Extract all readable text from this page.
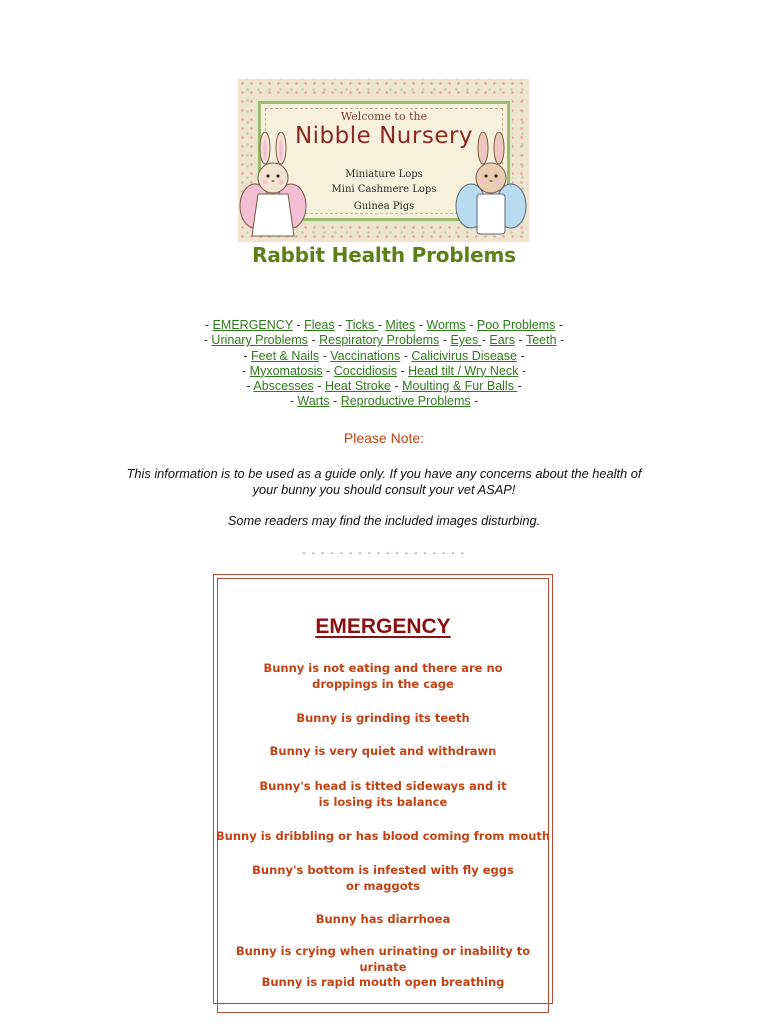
Welcome to the
Nibble Nursery
Miniature Lops
Mini Cashmere Lops
Guinea Pigs
Rabbit Health Problems
- EMERGENCY - Fleas - Ticks - Mites - Worms - Poo Problems -
- Urinary Problems - Respiratory Problems - Eyes - Ears - Teeth -
- Feet & Nails - Vaccinations - Calicivirus Disease -
- Myxomatosis - Coccidiosis - Head tilt / Wry Neck -
- Abscesses - Heat Stroke - Moulting & Fur Balls -
- Warts - Reproductive Problems -
Please Note:
This information is to be used as a guide only. If you have any concerns about the health of
your bunny you should consult your vet ASAP!
Some readers may find the included images disturbing.
- - - - - - - - - - - - - - - - - -
EMERGENCY
Bunny is not eating and there are no
droppings in the cage
Bunny is grinding its teeth
Bunny is very quiet and withdrawn
Bunny's head is titted sideways and it
is losing its balance
Bunny is dribbling or has blood coming from mouth
Bunny's bottom is infested with fly eggs
or maggots
Bunny has diarrhoea
Bunny is crying when urinating or inability to urinate
Bunny is rapid mouth open breathing
